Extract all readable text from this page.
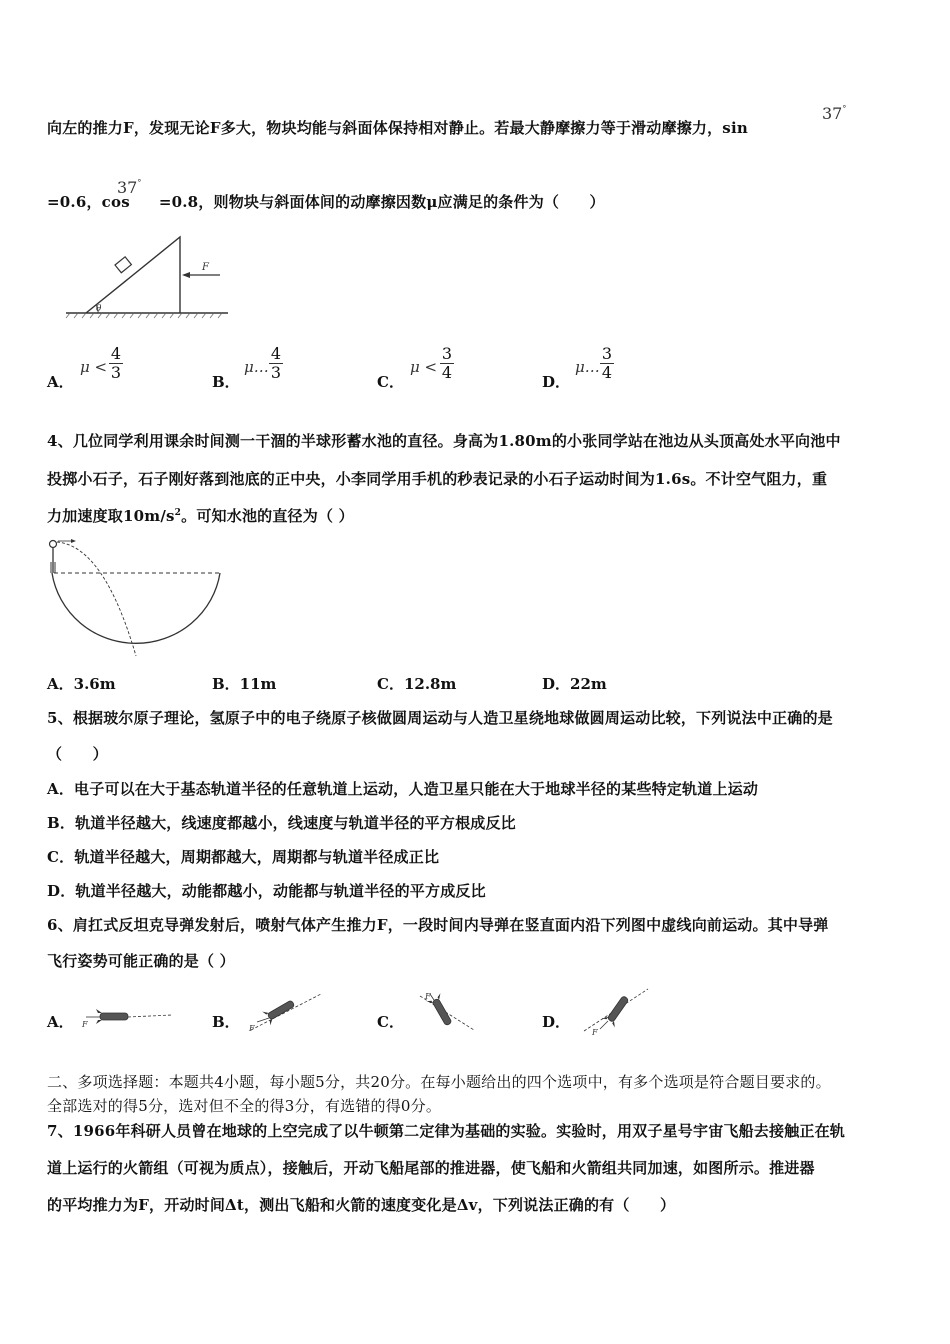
向左的推力F，发现无论F多大，物块均能与斜面体保持相对静止。若最大静摩擦力等于滑动摩擦力，sin
37°
=0.6，cos =0.8，则物块与斜面体间的动摩擦因数μ应满足的条件为（　　）
37°
θ
F
A．
μ <
4
3	B．
μ…
4
3	C．
μ <
3
4	D．
μ…
3
4
4、几位同学利用课余时间测一干涸的半球形蓄水池的直径。身高为1.80m的小张同学站在池边从头顶高处水平向池中
投掷小石子，石子刚好落到池底的正中央，小李同学用手机的秒表记录的小石子运动时间为1.6s。不计空气阻力，重
力加速度取$10m/s^2$。可知水池的直径为（ ）
A．3.6m	B．11m	C．12.8m	D．22m
5、根据玻尔原子理论，氢原子中的电子绕原子核做圆周运动与人造卫星绕地球做圆周运动比较，下列说法中正确的是
（　　）
A．电子可以在大于基态轨道半径的任意轨道上运动，人造卫星只能在大于地球半径的某些特定轨道上运动
B．轨道半径越大，线速度都越小，线速度与轨道半径的平方根成反比
C．轨道半径越大，周期都越大，周期都与轨道半径成正比
D．轨道半径越大，动能都越小，动能都与轨道半径的平方成反比
6、肩扛式反坦克导弹发射后，喷射气体产生推力F，一段时间内导弹在竖直面内沿下列图中虚线向前运动。其中导弹
飞行姿势可能正确的是（ ）
A． F	B． F	C．
F
D．
F
二、多项选择题：本题共4小题，每小题5分，共20分。在每小题给出的四个选项中，有多个选项是符合题目要求的。
全部选对的得5分，选对但不全的得3分，有选错的得0分。
7、1966年科研人员曾在地球的上空完成了以牛顿第二定律为基础的实验。实验时，用双子星号宇宙飞船去接触正在轨
道上运行的火箭组（可视为质点），接触后，开动飞船尾部的推进器，使飞船和火箭组共同加速，如图所示。推进器
的平均推力为F，开动时间Δt，测出飞船和火箭的速度变化是Δv，下列说法正确的有（　　）
